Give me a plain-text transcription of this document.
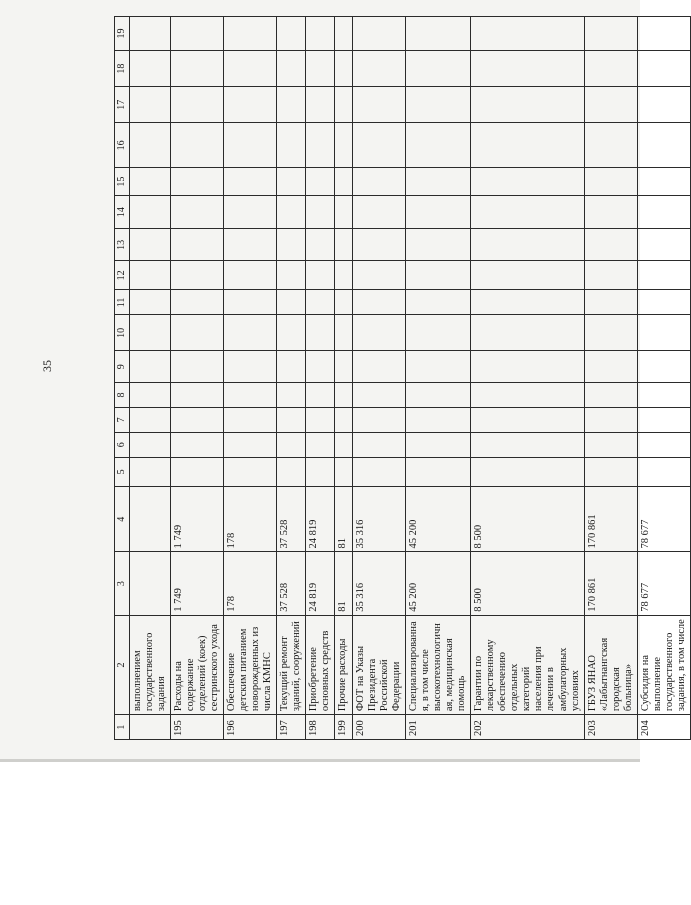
35
1	2	3	4	5	6	7	8	9	10	11	12	13	14	15	16	17	18	19
	выполнением государственного задания																	
195	Расходы на содержание отделений (коек) сестринского ухода	1 749	1 749															
196	Обеспечение детским питанием новорожденных из числа КМНС	178	178															
197	Текущий ремонт зданий, сооружений	37 528	37 528															
198	Приобретение основных средств	24 819	24 819															
199	Прочие расходы	81	81															
200	ФОТ на Указы Президента Российской Федерации	35 316	35 316															
201	Специализированная, в том числе высокотехнологичная, медицинская помощь	45 200	45 200															
202	Гарантии по лекарственному обеспечению отдельных категорий населения при лечении в амбулаторных условиях	8 500	8 500															
203	ГБУЗ ЯНАО «Лабытнангская городская больница»	170 861	170 861															
204	Субсидия на выполнение государственного задания, в том числе	78 677	78 677															
